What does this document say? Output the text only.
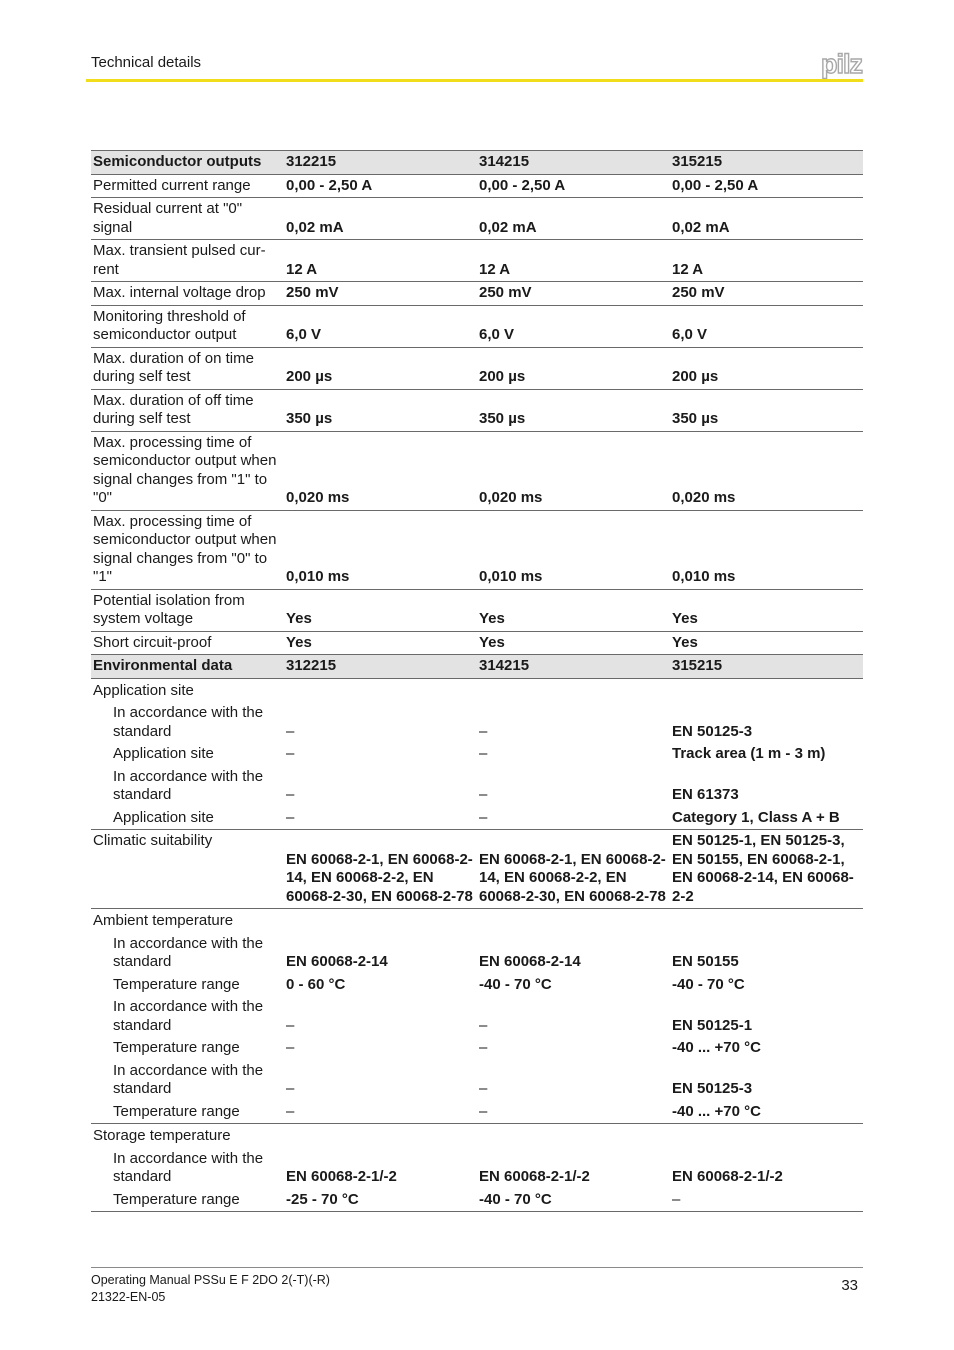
Technical details	pilz
Semiconductor outputs	312215	314215	315215
Permitted current range	0,00 - 2,50 A	0,00 - 2,50 A	0,00 - 2,50 A
Residual current at "0" signal	0,02 mA	0,02 mA	0,02 mA
Max. transient pulsed cur-rent	12 A	12 A	12 A
Max. internal voltage drop	250 mV	250 mV	250 mV
Monitoring threshold of semiconductor output	6,0 V	6,0 V	6,0 V
Max. duration of on time during self test	200 µs	200 µs	200 µs
Max. duration of off time during self test	350 µs	350 µs	350 µs
Max. processing time of semiconductor output when signal changes from "1" to "0"	0,020 ms	0,020 ms	0,020 ms
Max. processing time of semiconductor output when signal changes from "0" to "1"	0,010 ms	0,010 ms	0,010 ms
Potential isolation from system voltage	Yes	Yes	Yes
Short circuit-proof	Yes	Yes	Yes
Environmental data	312215	314215	315215
Application site			
In accordance with the standard	–	–	EN 50125-3
Application site	–	–	Track area (1 m - 3 m)
In accordance with the standard	–	–	EN 61373
Application site	–	–	Category 1, Class A + B
Climatic suitability	EN 60068-2-1, EN 60068-2-14, EN 60068-2-2, EN 60068-2-30, EN 60068-2-78	EN 60068-2-1, EN 60068-2-14, EN 60068-2-2, EN 60068-2-30, EN 60068-2-78	EN 50125-1, EN 50125-3, EN 50155, EN 60068-2-1, EN 60068-2-14, EN 60068-2-2
Ambient temperature			
In accordance with the standard	EN 60068-2-14	EN 60068-2-14	EN 50155
Temperature range	0 - 60 °C	-40 - 70 °C	-40 - 70 °C
In accordance with the standard	–	–	EN 50125-1
Temperature range	–	–	-40 ... +70 °C
In accordance with the standard	–	–	EN 50125-3
Temperature range	–	–	-40 ... +70 °C
Storage temperature			
In accordance with the standard	EN 60068-2-1/-2	EN 60068-2-1/-2	EN 60068-2-1/-2
Temperature range	-25 - 70 °C	-40 - 70 °C	–
Operating Manual PSSu E F 2DO 2(-T)(-R)
21322-EN-05
33
